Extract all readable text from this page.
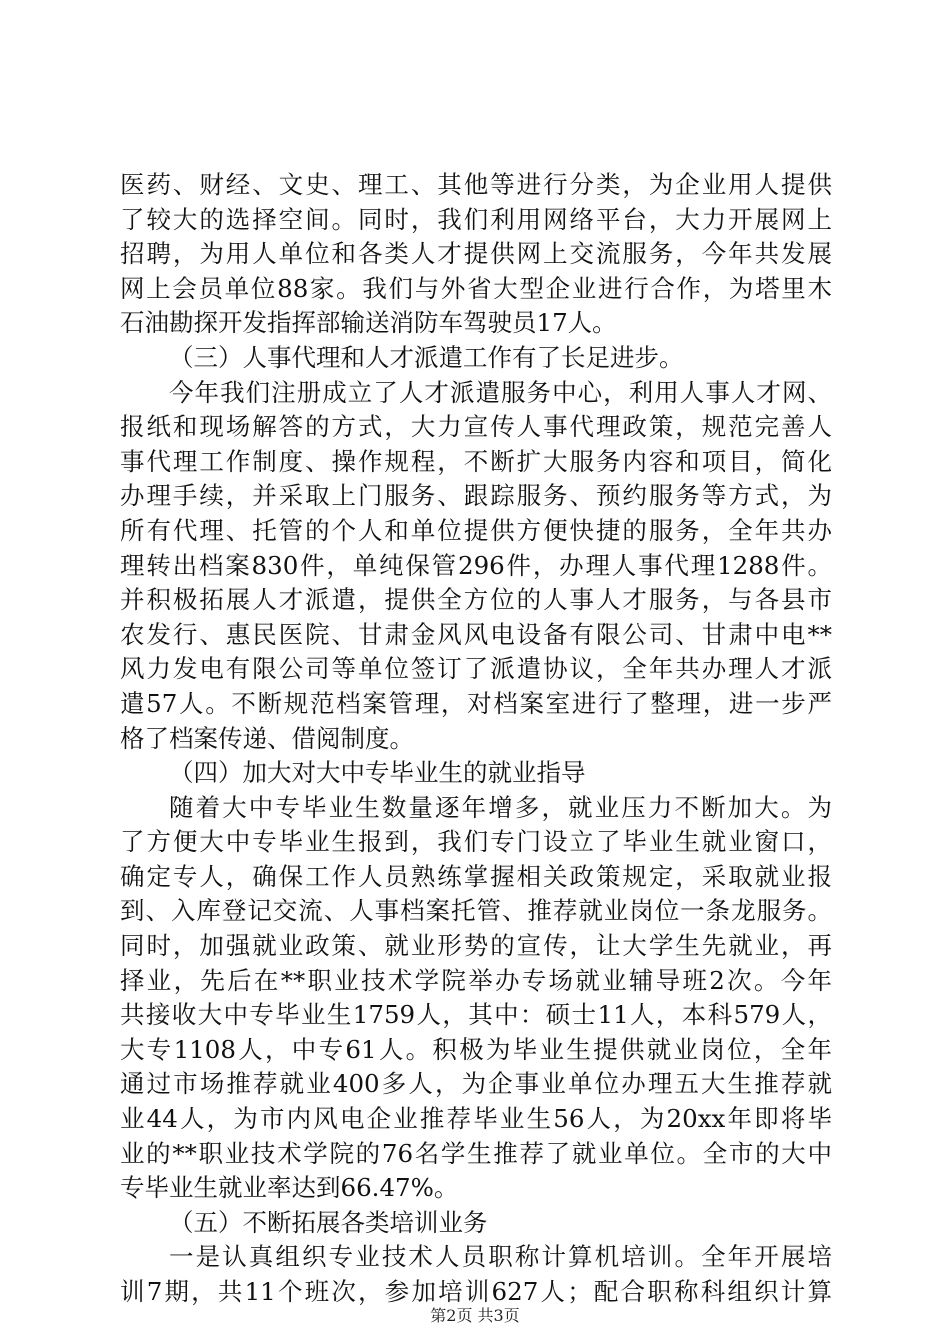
医药、财经、文史、理工、其他等进行分类，为企业用人提供
了较大的选择空间。同时，我们利用网络平台，大力开展网上
招聘，为用人单位和各类人才提供网上交流服务，今年共发展
网上会员单位88家。我们与外省大型企业进行合作，为塔里木
石油勘探开发指挥部输送消防车驾驶员17人。
（三）人事代理和人才派遣工作有了长足进步。
今年我们注册成立了人才派遣服务中心，利用人事人才网、
报纸和现场解答的方式，大力宣传人事代理政策，规范完善人
事代理工作制度、操作规程，不断扩大服务内容和项目，简化
办理手续，并采取上门服务、跟踪服务、预约服务等方式，为
所有代理、托管的个人和单位提供方便快捷的服务，全年共办
理转出档案830件，单纯保管296件，办理人事代理1288件。
并积极拓展人才派遣，提供全方位的人事人才服务，与各县市
农发行、惠民医院、甘肃金风风电设备有限公司、甘肃中电**
风力发电有限公司等单位签订了派遣协议，全年共办理人才派
遣57人。不断规范档案管理，对档案室进行了整理，进一步严
格了档案传递、借阅制度。
（四）加大对大中专毕业生的就业指导
随着大中专毕业生数量逐年增多，就业压力不断加大。为
了方便大中专毕业生报到，我们专门设立了毕业生就业窗口，
确定专人，确保工作人员熟练掌握相关政策规定，采取就业报
到、入库登记交流、人事档案托管、推荐就业岗位一条龙服务。
同时，加强就业政策、就业形势的宣传，让大学生先就业，再
择业，先后在**职业技术学院举办专场就业辅导班2次。今年
共接收大中专毕业生1759人，其中：硕士11人，本科579人，
大专1108人，中专61人。积极为毕业生提供就业岗位，全年
通过市场推荐就业400多人，为企事业单位办理五大生推荐就
业44人，为市内风电企业推荐毕业生56人，为20xx年即将毕
业的**职业技术学院的76名学生推荐了就业单位。全市的大中
专毕业生就业率达到66.47%。
（五）不断拓展各类培训业务
一是认真组织专业技术人员职称计算机培训。全年开展培
训7期，共11个班次，参加培训627人；配合职称科组织计算
第2页 共3页
